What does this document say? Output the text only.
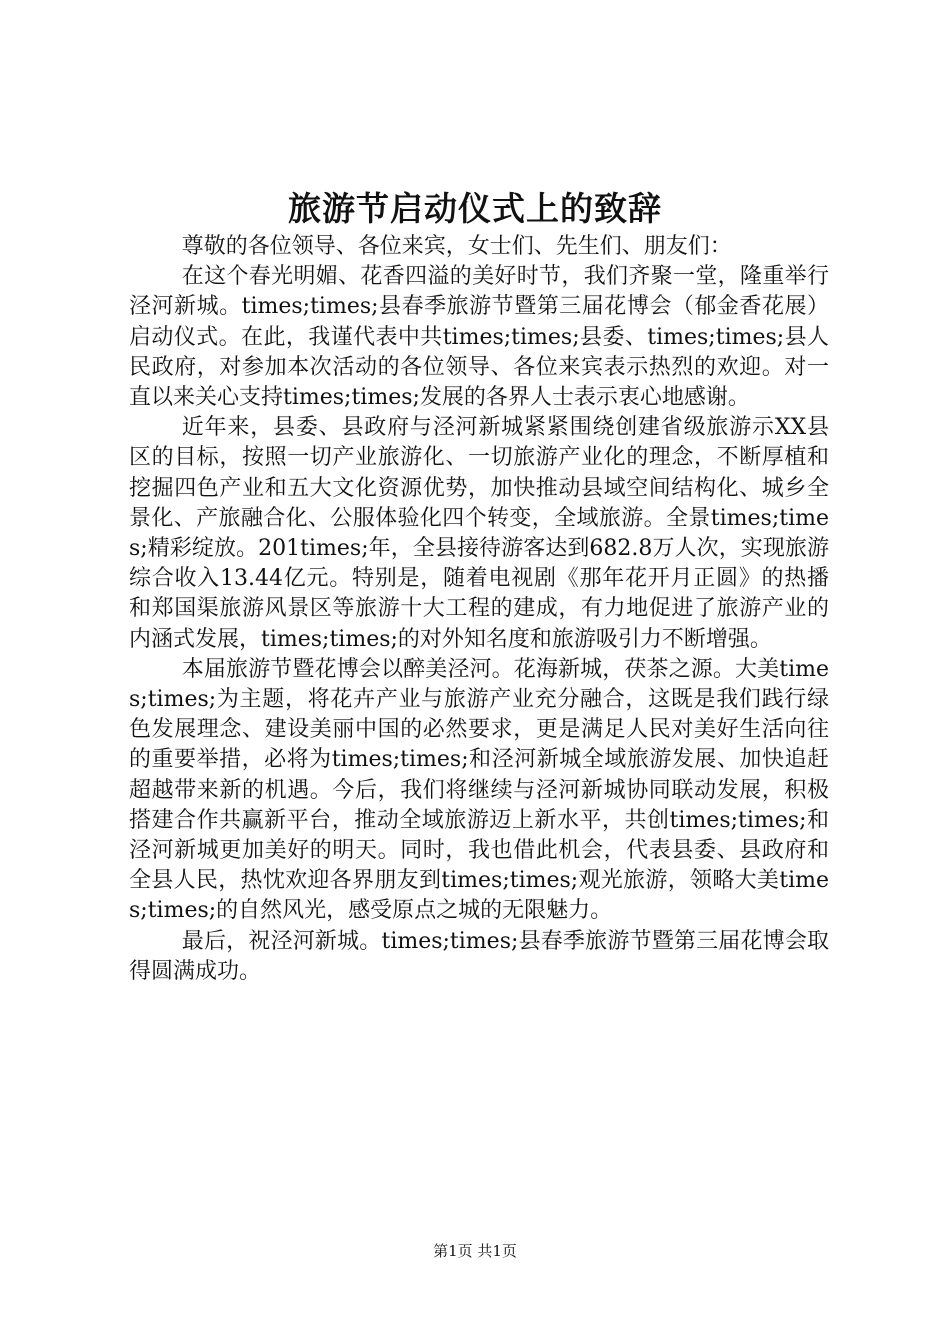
旅游节启动仪式上的致辞

尊敬的各位领导、各位来宾，女士们、先生们、朋友们：

在这个春光明媚、花香四溢的美好时节，我们齐聚一堂，隆重举行泾河新城。times;times;县春季旅游节暨第三届花博会（郁金香花展）启动仪式。在此，我谨代表中共times;times;县委、times;times;县人民政府，对参加本次活动的各位领导、各位来宾表示热烈的欢迎。对一直以来关心支持times;times;发展的各界人士表示衷心地感谢。

近年来，县委、县政府与泾河新城紧紧围绕创建省级旅游示XX县区的目标，按照一切产业旅游化、一切旅游产业化的理念，不断厚植和挖掘四色产业和五大文化资源优势，加快推动县域空间结构化、城乡全景化、产旅融合化、公服体验化四个转变，全域旅游。全景times;times;精彩绽放。201times;年，全县接待游客达到682.8万人次，实现旅游综合收入13.44亿元。特别是，随着电视剧《那年花开月正圆》的热播和郑国渠旅游风景区等旅游十大工程的建成，有力地促进了旅游产业的内涵式发展，times;times;的对外知名度和旅游吸引力不断增强。

本届旅游节暨花博会以醉美泾河。花海新城，茯茶之源。大美times;times;为主题，将花卉产业与旅游产业充分融合，这既是我们践行绿色发展理念、建设美丽中国的必然要求，更是满足人民对美好生活向往的重要举措，必将为times;times;和泾河新城全域旅游发展、加快追赶超越带来新的机遇。今后，我们将继续与泾河新城协同联动发展，积极搭建合作共赢新平台，推动全域旅游迈上新水平，共创times;times;和泾河新城更加美好的明天。同时，我也借此机会，代表县委、县政府和全县人民，热忱欢迎各界朋友到times;times;观光旅游，领略大美times;times;的自然风光，感受原点之城的无限魅力。

最后，祝泾河新城。times;times;县春季旅游节暨第三届花博会取得圆满成功。

第1页 共1页
